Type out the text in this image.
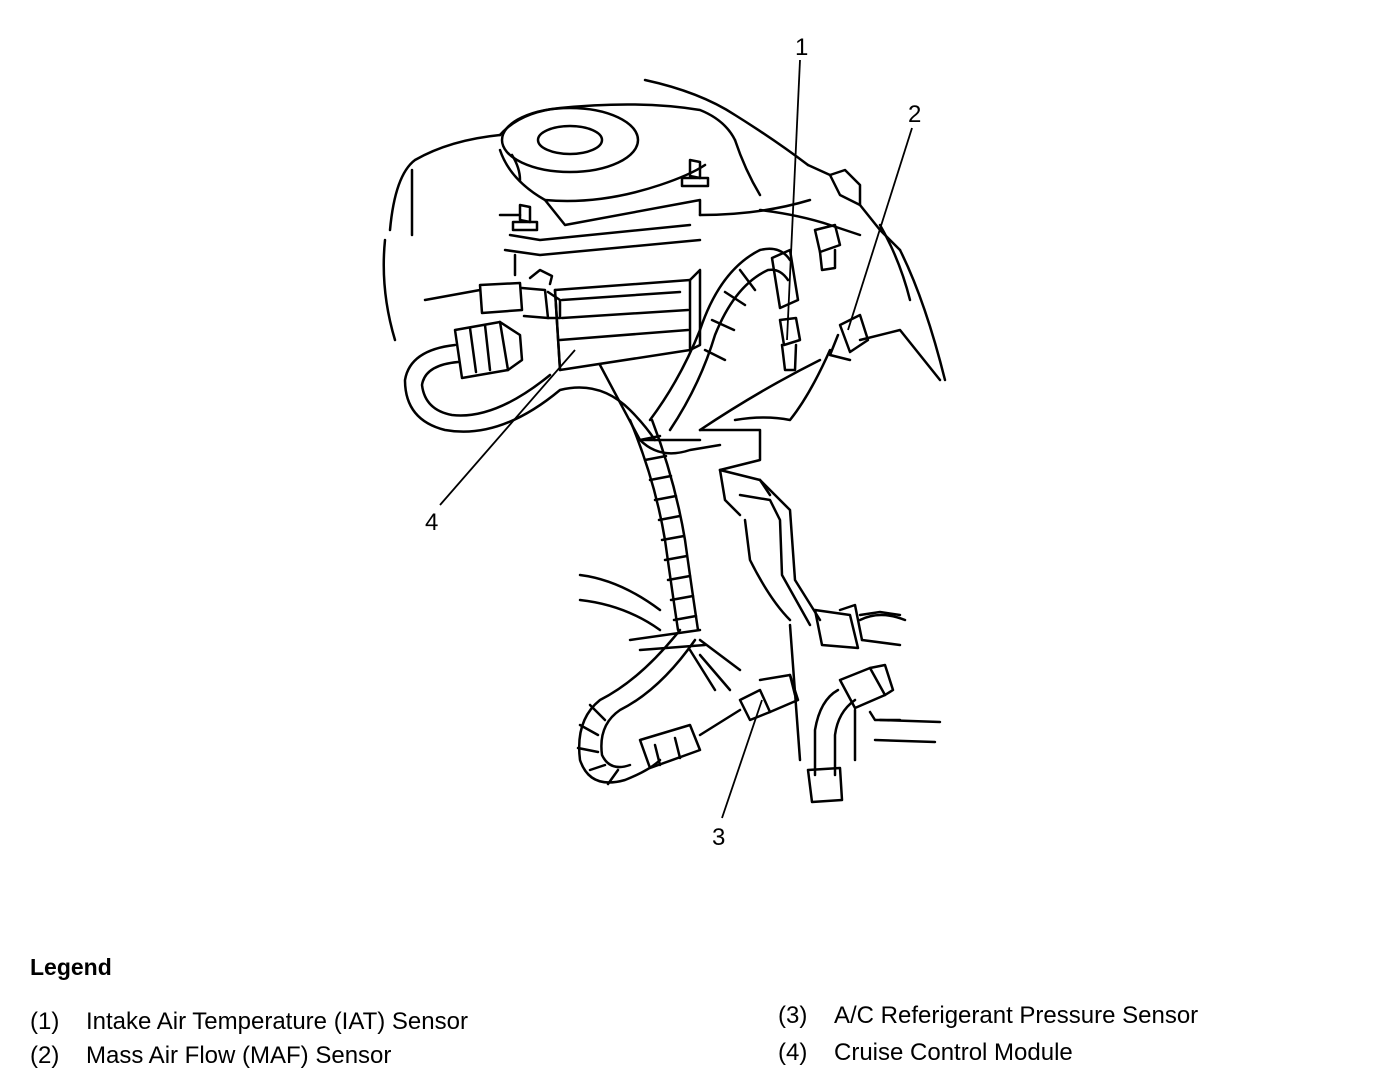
1
2
3
4
Legend
(1) Intake Air Temperature (IAT) Sensor
(2) Mass Air Flow (MAF) Sensor
(3) A/C Referigerant Pressure Sensor
(4) Cruise Control Module
